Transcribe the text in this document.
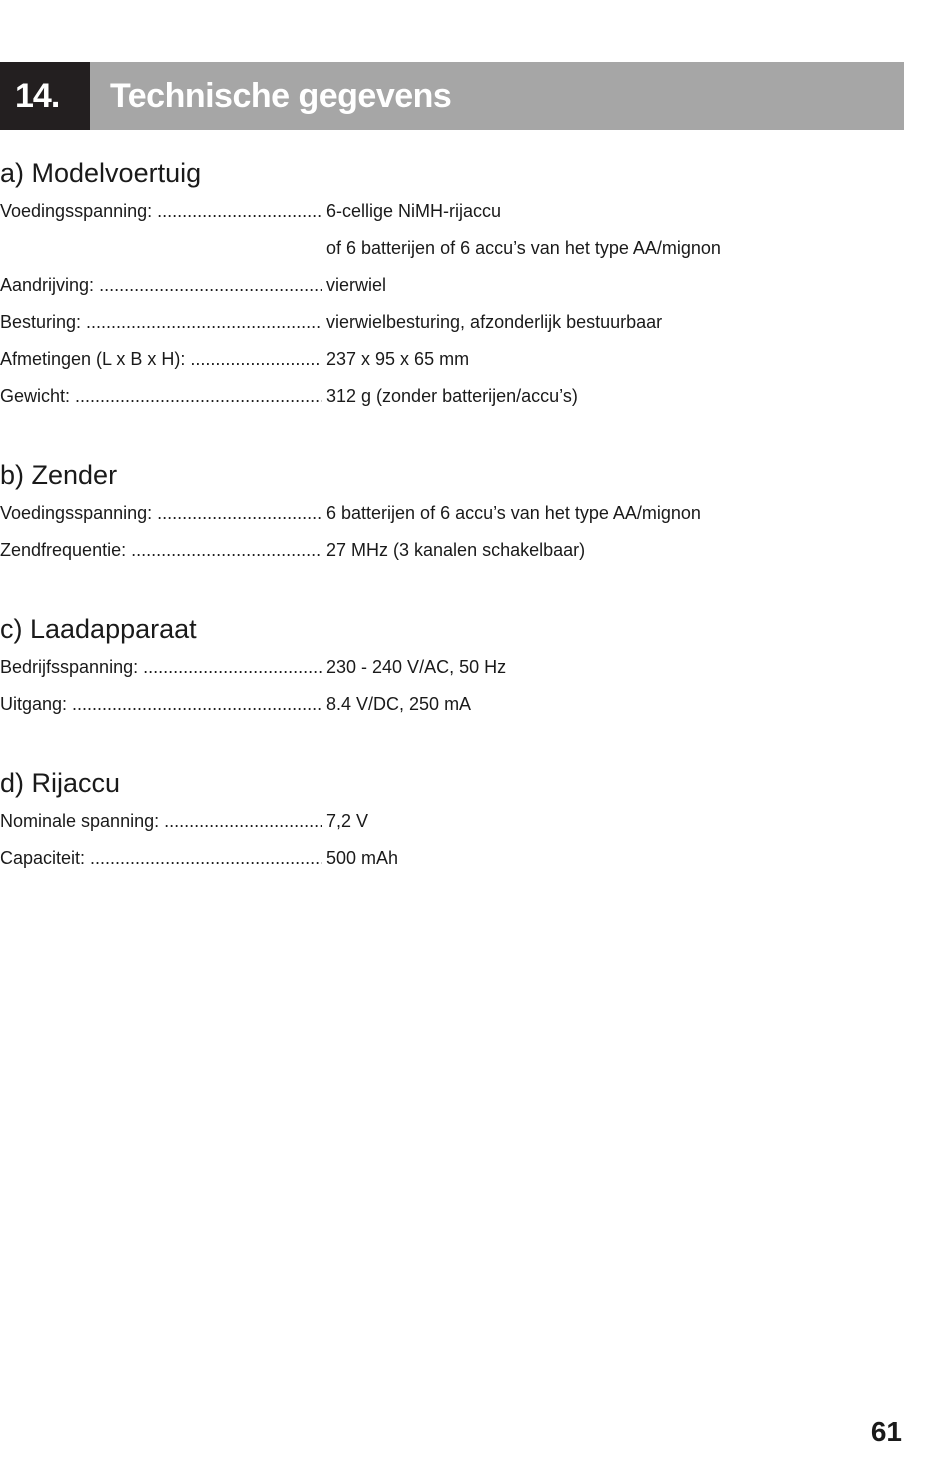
14.	Technische gegevens
a) Modelvoertuig
Voedingsspanning: .....	6-cellige NiMH-rijaccu
of 6 batterijen of 6 accu’s van het type AA/mignon
Aandrijving: .....	vierwiel
Besturing: .....	vierwielbesturing, afzonderlijk bestuurbaar
Afmetingen (L x B x H): .....	237 x 95 x 65 mm
Gewicht: .....	312 g (zonder batterijen/accu’s)
b) Zender
Voedingsspanning: .....	6 batterijen of 6 accu’s van het type AA/mignon
Zendfrequentie: .....	27 MHz (3 kanalen schakelbaar)
c) Laadapparaat
Bedrijfsspanning: .....	230 - 240 V/AC, 50 Hz
Uitgang: .....	8.4 V/DC, 250 mA
d) Rijaccu
Nominale spanning: .....	7,2 V
Capaciteit: .....	500 mAh
61
